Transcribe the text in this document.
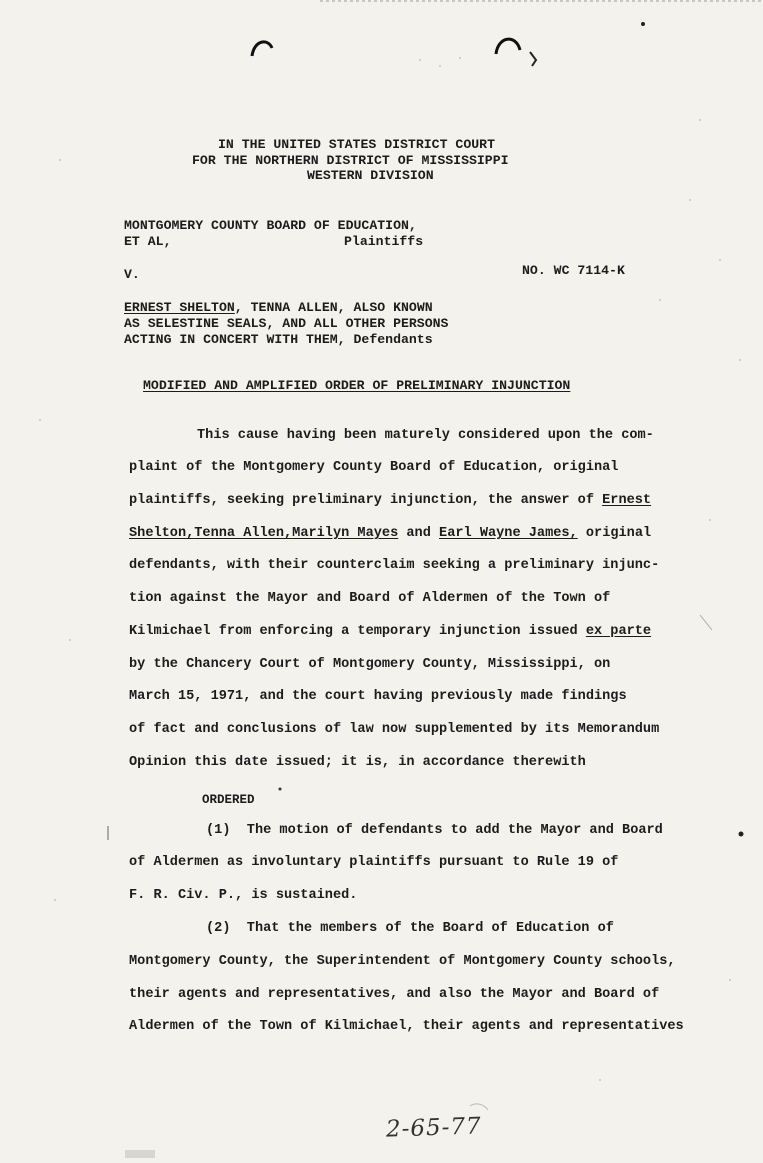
IN THE UNITED STATES DISTRICT COURT
FOR THE NORTHERN DISTRICT OF MISSISSIPPI
WESTERN DIVISION
MONTGOMERY COUNTY BOARD OF EDUCATION,
ET AL,	Plaintiffs
V.	NO. WC 7114-K
ERNEST SHELTON, TENNA ALLEN, ALSO KNOWN
AS SELESTINE SEALS, AND ALL OTHER PERSONS
ACTING IN CONCERT WITH THEM, Defendants
MODIFIED AND AMPLIFIED ORDER OF PRELIMINARY INJUNCTION
This cause having been maturely considered upon the com-
plaint of the Montgomery County Board of Education, original
plaintiffs, seeking preliminary injunction, the answer of Ernest
Shelton,Tenna Allen,Marilyn Mayes and Earl Wayne James, original
defendants, with their counterclaim seeking a preliminary injunc-
tion against the Mayor and Board of Aldermen of the Town of
Kilmichael from enforcing a temporary injunction issued ex parte
by the Chancery Court of Montgomery County, Mississippi, on
March 15, 1971, and the court having previously made findings
of fact and conclusions of law now supplemented by its Memorandum
Opinion this date issued; it is, in accordance therewith
ORDERED
(1)  The motion of defendants to add the Mayor and Board
of Aldermen as involuntary plaintiffs pursuant to Rule 19 of
F. R. Civ. P., is sustained.
(2)  That the members of the Board of Education of
Montgomery County, the Superintendent of Montgomery County schools,
their agents and representatives, and also the Mayor and Board of
Aldermen of the Town of Kilmichael, their agents and representatives
2-65-77
